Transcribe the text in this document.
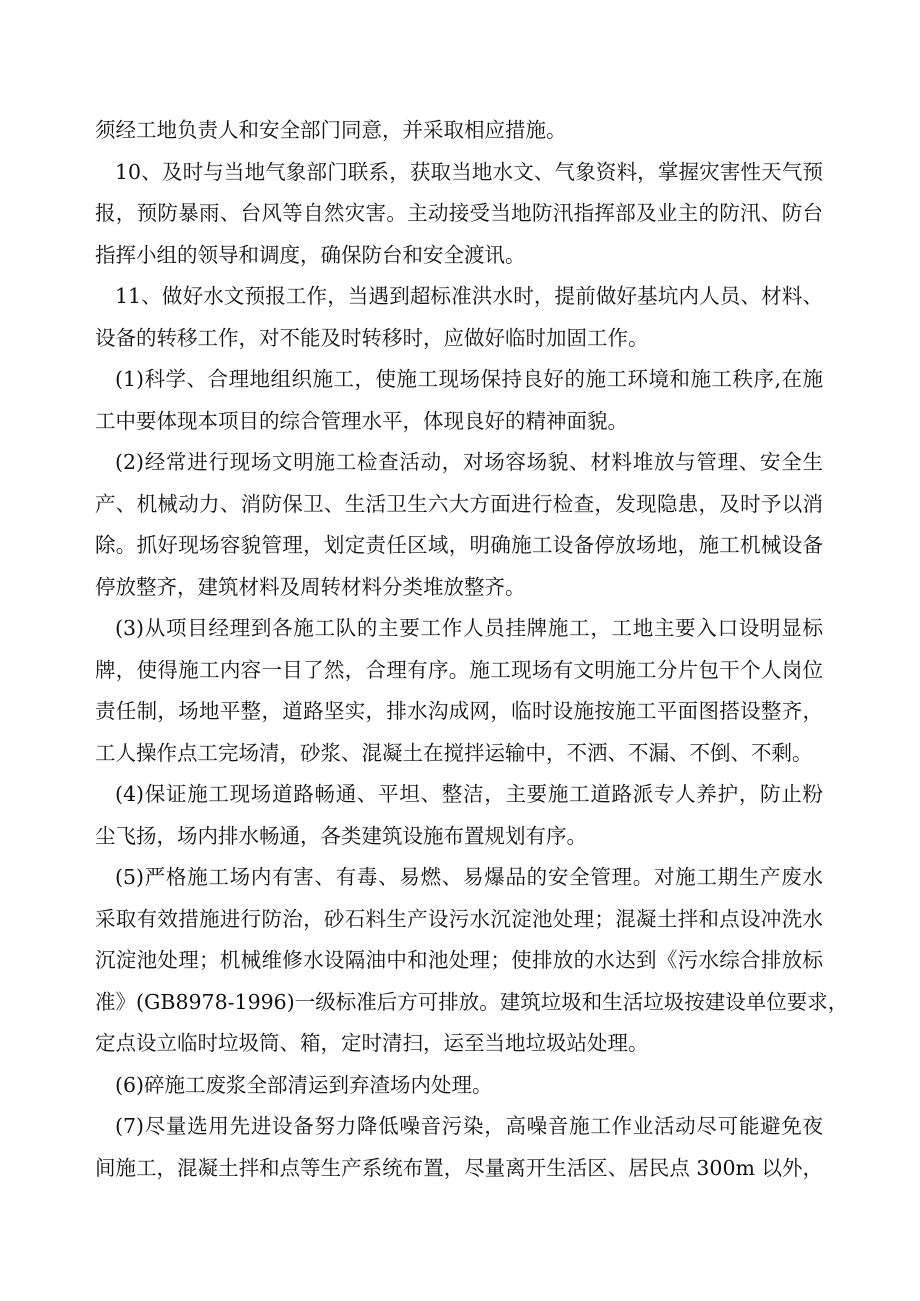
须经工地负责人和安全部门同意，并采取相应措施。
10、及时与当地气象部门联系，获取当地水文、气象资料，掌握灾害性天气预
报，预防暴雨、台风等自然灾害。主动接受当地防汛指挥部及业主的防汛、防台
指挥小组的领导和调度，确保防台和安全渡讯。
11、做好水文预报工作，当遇到超标准洪水时，提前做好基坑内人员、材料、
设备的转移工作，对不能及时转移时，应做好临时加固工作。
(1)科学、合理地组织施工，使施工现场保持良好的施工环境和施工秩序,在施
工中要体现本项目的综合管理水平，体现良好的精神面貌。
(2)经常进行现场文明施工检查活动，对场容场貌、材料堆放与管理、安全生
产、机械动力、消防保卫、生活卫生六大方面进行检查，发现隐患，及时予以消
除。抓好现场容貌管理，划定责任区域，明确施工设备停放场地，施工机械设备
停放整齐，建筑材料及周转材料分类堆放整齐。
(3)从项目经理到各施工队的主要工作人员挂牌施工，工地主要入口设明显标
牌，使得施工内容一目了然，合理有序。施工现场有文明施工分片包干个人岗位
责任制，场地平整，道路坚实，排水沟成网，临时设施按施工平面图搭设整齐，
工人操作点工完场清，砂浆、混凝土在搅拌运输中，不洒、不漏、不倒、不剩。
(4)保证施工现场道路畅通、平坦、整洁，主要施工道路派专人养护，防止粉
尘飞扬，场内排水畅通，各类建筑设施布置规划有序。
(5)严格施工场内有害、有毒、易燃、易爆品的安全管理。对施工期生产废水
采取有效措施进行防治，砂石料生产设污水沉淀池处理；混凝土拌和点设冲洗水
沉淀池处理；机械维修水设隔油中和池处理；使排放的水达到《污水综合排放标
准》(GB8978-1996)一级标准后方可排放。建筑垃圾和生活垃圾按建设单位要求，
定点设立临时垃圾筒、箱，定时清扫，运至当地垃圾站处理。
(6)碎施工废浆全部清运到弃渣场内处理。
(7)尽量选用先进设备努力降低噪音污染，高噪音施工作业活动尽可能避免夜
间施工，混凝土拌和点等生产系统布置，尽量离开生活区、居民点 300m 以外，
